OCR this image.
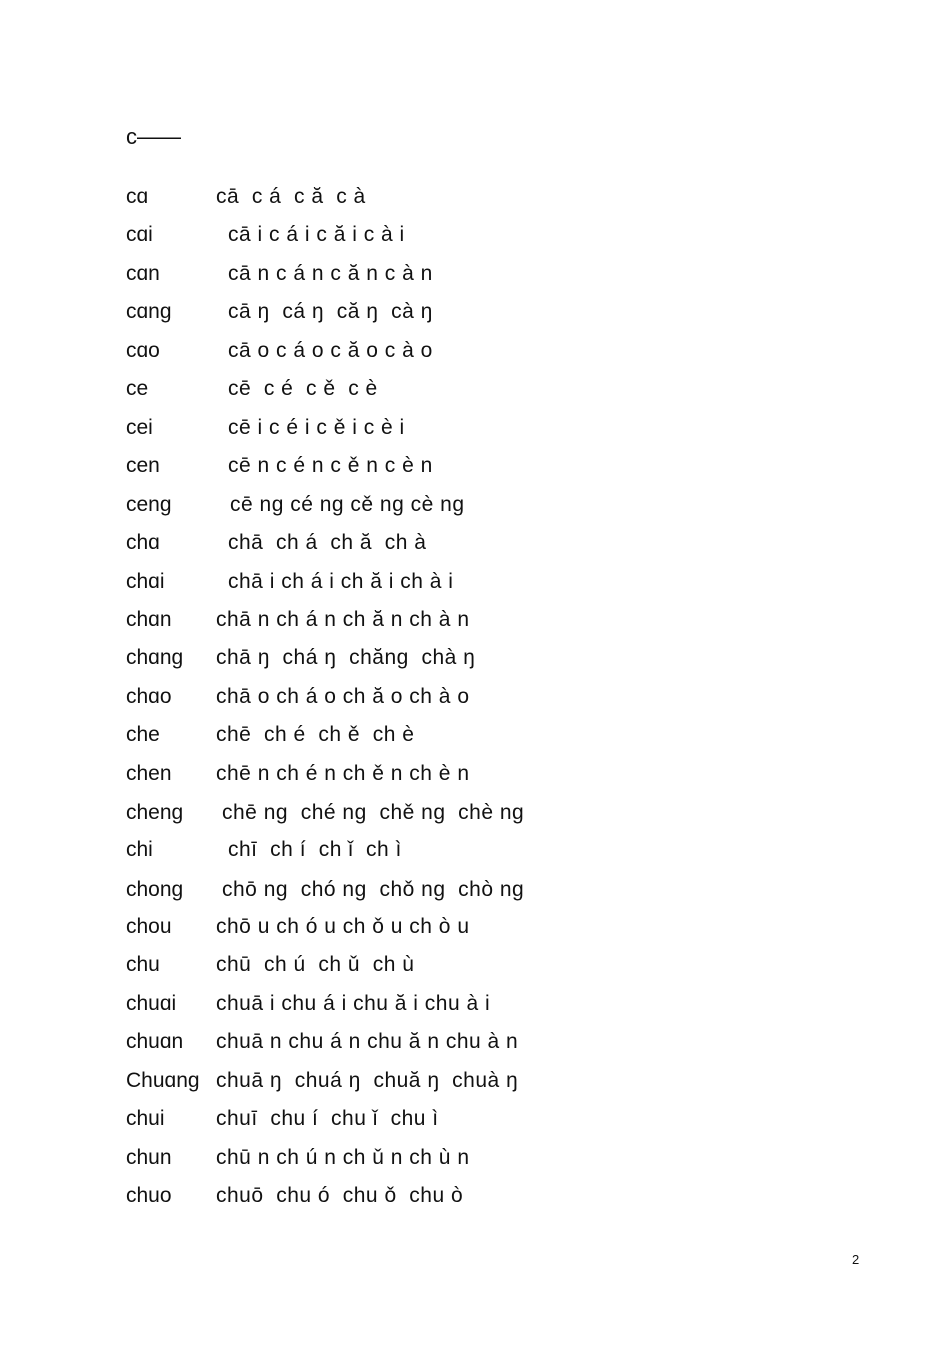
c——
cɑ	cā  c á  c ă  c à
cɑi	cā i c á i c ă i c à i
cɑn	cā n c á n c ă n c à n
cɑng	cā ŋ  cá ŋ  că ŋ  cà ŋ
cɑo	cā o c á o c ă o c à o
ce	cē  c é  c ě  c è
cei	cē i c é i c ě i c è i
cen	cē n c é n c ě n c è n
ceng	cē ng cé ng cě ng cè ng
chɑ	chā  ch á  ch ă  ch à
chɑi	chā i ch á i ch ă i ch à i
chɑn chā n ch á n ch ă n ch à n
chɑng chā ŋ  chá ŋ  chăng  chà ŋ
chɑo chā o ch á o ch ă o ch à o
che	chē  ch é  ch ě  ch è
chen chē n ch é n ch ě n ch è n
cheng chē ng  ché ng  chě ng  chè ng
chi	chī  ch í  ch ǐ  ch ì
chong chō ng  chó ng  chǒ ng  chò ng
chou chō u ch ó u ch ǒ u ch ò u
chu	chū  ch ú  ch ǔ  ch ù
chuɑi chuā i chu á i chu ă i chu à i
chuɑn chuā n chu á n chu ă n chu à n
Chuɑng chuā ŋ  chuá ŋ  chuă ŋ  chuà ŋ
chui chuī  chu í  chu ǐ  chu ì
chun chū n ch ú n ch ǔ n ch ù n
chuo chuō  chu ó  chu ǒ  chu ò
2
